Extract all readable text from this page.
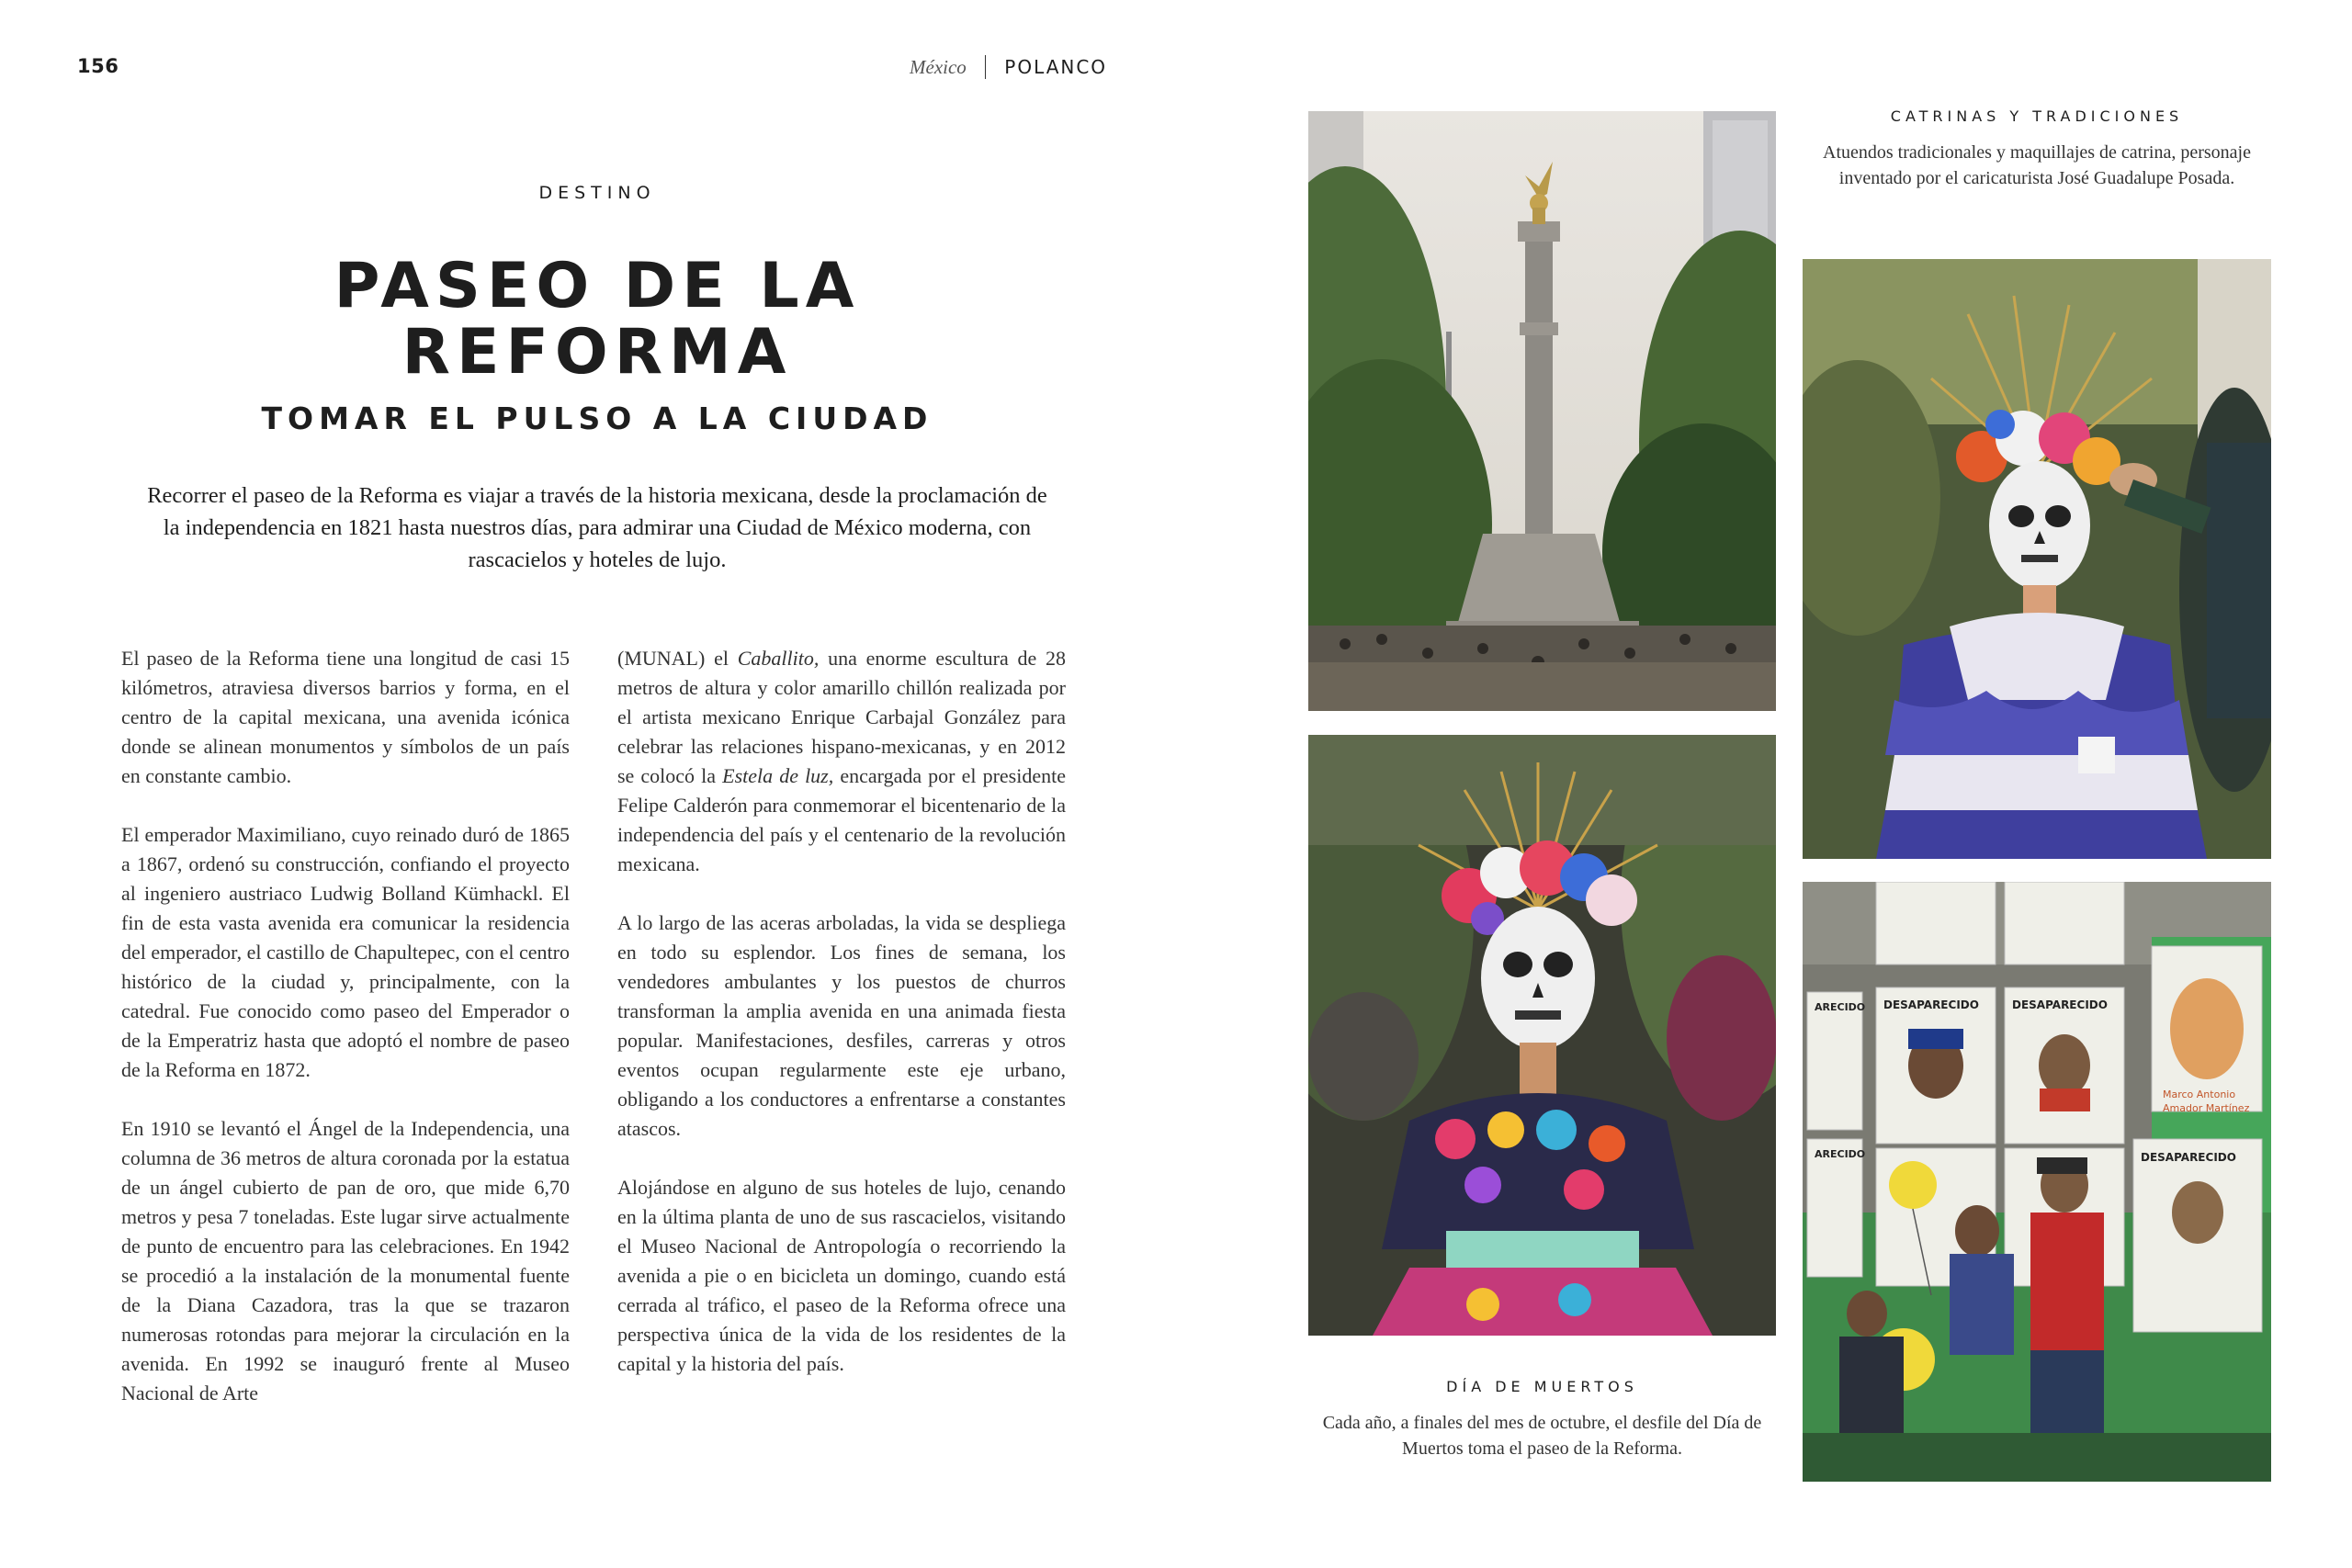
156	México POLANCO
DESTINO
PASEO DE LA
REFORMA
TOMAR EL PULSO A LA CIUDAD

Recorrer el paseo de la Reforma es viajar a través de la historia mexicana, desde la proclamación de la independencia en 1821 hasta nuestros días, para admirar una Ciudad de México moderna, con rascacielos y hoteles de lujo.

El paseo de la Reforma tiene una longitud de casi 15 kilómetros, atraviesa diversos barrios y forma, en el centro de la capital mexicana, una avenida icónica donde se alinean monumentos y símbolos de un país en constante cambio.

El emperador Maximiliano, cuyo reinado duró de 1865 a 1867, ordenó su construcción, confiando el proyecto al ingeniero austriaco Ludwig Bolland Kümhackl. El fin de esta vasta avenida era comunicar la residencia del emperador, el castillo de Chapultepec, con el centro histórico de la ciudad y, principalmente, con la catedral. Fue conocido como paseo del Emperador o de la Emperatriz hasta que adoptó el nombre de paseo de la Reforma en 1872.

En 1910 se levantó el Ángel de la Independencia, una columna de 36 metros de altura coronada por la estatua de un ángel cubierto de pan de oro, que mide 6,70 metros y pesa 7 toneladas. Este lugar sirve actualmente de punto de encuentro para las celebraciones. En 1942 se procedió a la instalación de la monumental fuente de la Diana Cazadora, tras la que se trazaron numerosas rotondas para mejorar la circulación en la avenida. En 1992 se inauguró frente al Museo Nacional de Arte

(MUNAL) el Caballito, una enorme escultura de 28 metros de altura y color amarillo chillón realizada por el artista mexicano Enrique Carbajal González para celebrar las relaciones hispano-mexicanas, y en 2012 se colocó la Estela de luz, encargada por el presidente Felipe Calderón para conmemorar el bicentenario de la independencia del país y el centenario de la revolución mexicana.

A lo largo de las aceras arboladas, la vida se despliega en todo su esplendor. Los fines de semana, los vendedores ambulantes y los puestos de churros transforman la amplia avenida en una animada fiesta popular. Manifestaciones, desfiles, carreras y otros eventos ocupan regularmente este eje urbano, obligando a los conductores a enfrentarse a constantes atascos.

Alojándose en alguno de sus hoteles de lujo, cenando en la última planta de uno de sus rascacielos, visitando el Museo Nacional de Antropología o recorriendo la avenida a pie o en bicicleta un domingo, cuando está cerrada al tráfico, el paseo de la Reforma ofrece una perspectiva única de la vida de los residentes de la capital y la historia del país.

ARECIDO DESAPARECIDO	DESAPARECIDO
ARECIDO	DESAPARECIDO
Marco Antonio
Amador Martínez
CATRINAS Y TRADICIONES

Atuendos tradicionales y maquillajes de catrina, personaje inventado por el caricaturista José Guadalupe Posada.

DÍA DE MUERTOS

Cada año, a finales del mes de octubre, el desfile del Día de Muertos toma el paseo de la Reforma.
